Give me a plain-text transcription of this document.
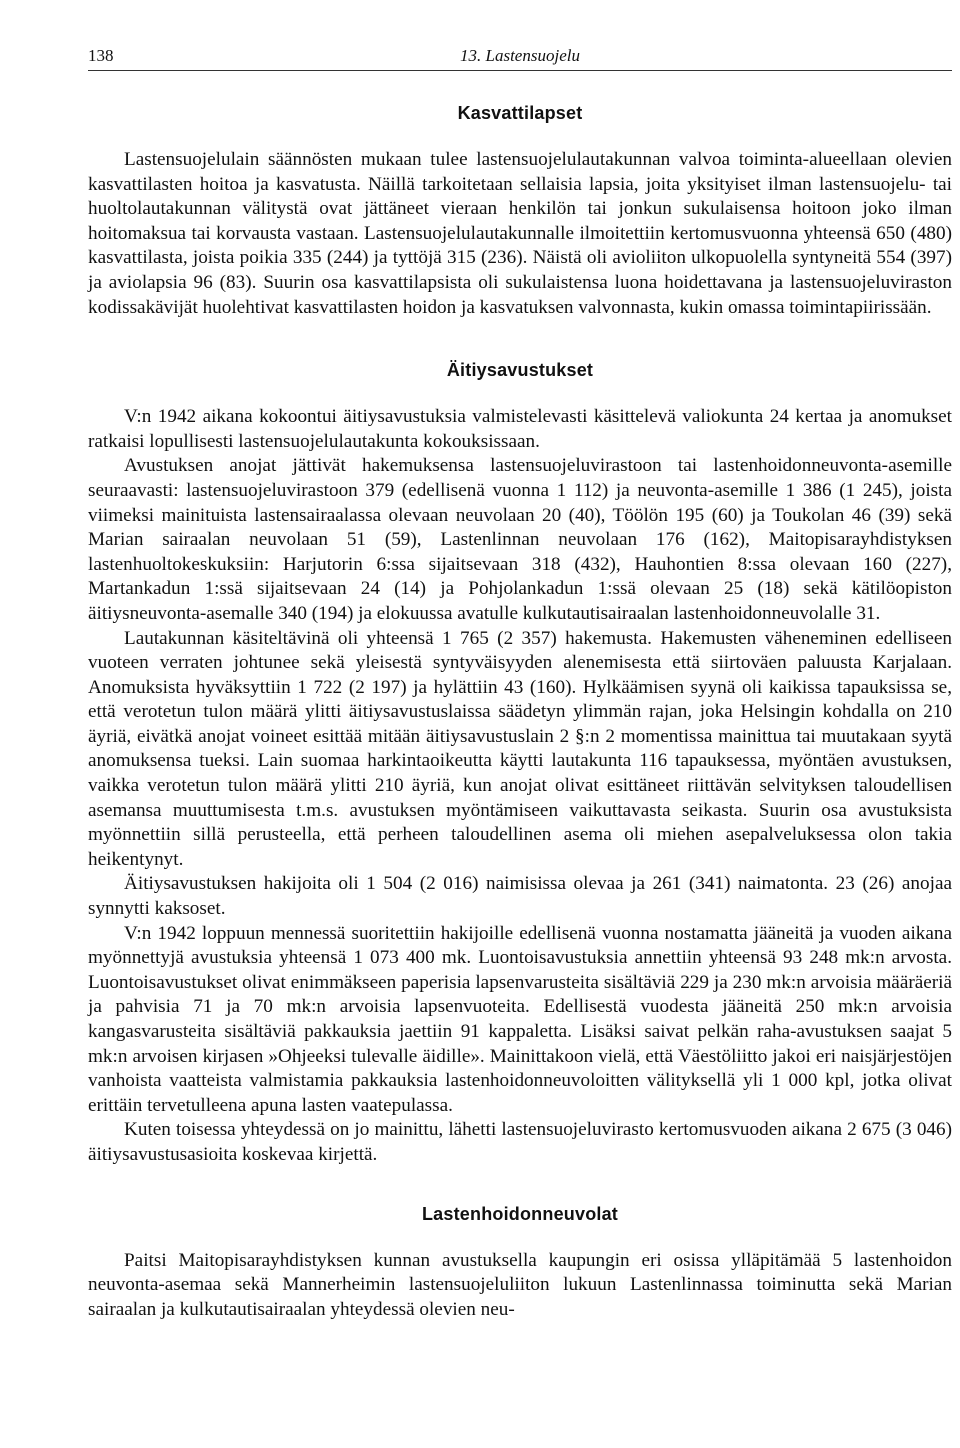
138	13. Lastensuojelu
Kasvattilapset

Lastensuojelulain säännösten mukaan tulee lastensuojelulautakunnan valvoa toiminta-alueellaan olevien kasvattilasten hoitoa ja kasvatusta. Näillä tarkoitetaan sellaisia lapsia, joita yksityiset ilman lastensuojelu- tai huoltolautakunnan välitystä ovat jättäneet vieraan henkilön tai jonkun sukulaisensa hoitoon joko ilman hoitomaksua tai korvausta vastaan. Lastensuojelulautakunnalle ilmoitettiin kertomusvuonna yhteensä 650 (480) kasvattilasta, joista poikia 335 (244) ja tyttöjä 315 (236). Näistä oli avioliiton ulkopuolella syntyneitä 554 (397) ja aviolapsia 96 (83). Suurin osa kasvattilapsista oli sukulaistensa luona hoidettavana ja lastensuojeluviraston kodissakävijät huolehtivat kasvattilasten hoidon ja kasvatuksen valvonnasta, kukin omassa toimintapiirissään.

Äitiysavustukset

V:n 1942 aikana kokoontui äitiysavustuksia valmistelevasti käsittelevä valiokunta 24 kertaa ja anomukset ratkaisi lopullisesti lastensuojelulautakunta kokouksissaan.

Avustuksen anojat jättivät hakemuksensa lastensuojeluvirastoon tai lastenhoidonneuvonta-asemille seuraavasti: lastensuojeluvirastoon 379 (edellisenä vuonna 1 112) ja neuvonta-asemille 1 386 (1 245), joista viimeksi mainituista lastensairaalassa olevaan neuvolaan 20 (40), Töölön 195 (60) ja Toukolan 46 (39) sekä Marian sairaalan neuvolaan 51 (59), Lastenlinnan neuvolaan 176 (162), Maitopisarayhdistyksen lastenhuoltokeskuksiin: Harjutorin 6:ssa sijaitsevaan 318 (432), Hauhontien 8:ssa olevaan 160 (227), Martankadun 1:ssä sijaitsevaan 24 (14) ja Pohjolankadun 1:ssä olevaan 25 (18) sekä kätilöopiston äitiysneuvonta-asemalle 340 (194) ja elokuussa avatulle kulkutautisairaalan lastenhoidonneuvolalle 31.

Lautakunnan käsiteltävinä oli yhteensä 1 765 (2 357) hakemusta. Hakemusten väheneminen edelliseen vuoteen verraten johtunee sekä yleisestä syntyväisyyden alenemisesta että siirtoväen paluusta Karjalaan. Anomuksista hyväksyttiin 1 722 (2 197) ja hylättiin 43 (160). Hylkäämisen syynä oli kaikissa tapauksissa se, että verotetun tulon määrä ylitti äitiysavustuslaissa säädetyn ylimmän rajan, joka Helsingin kohdalla on 210 äyriä, eivätkä anojat voineet esittää mitään äitiysavustuslain 2 §:n 2 momentissa mainittua tai muutakaan syytä anomuksensa tueksi. Lain suomaa harkintaoikeutta käytti lautakunta 116 tapauksessa, myöntäen avustuksen, vaikka verotetun tulon määrä ylitti 210 äyriä, kun anojat olivat esittäneet riittävän selvityksen taloudellisen asemansa muuttumisesta t.m.s. avustuksen myöntämiseen vaikuttavasta seikasta. Suurin osa avustuksista myönnettiin sillä perusteella, että perheen taloudellinen asema oli miehen asepalveluksessa olon takia heikentynyt.

Äitiysavustuksen hakijoita oli 1 504 (2 016) naimisissa olevaa ja 261 (341) naimatonta. 23 (26) anojaa synnytti kaksoset.

V:n 1942 loppuun mennessä suoritettiin hakijoille edellisenä vuonna nostamatta jääneitä ja vuoden aikana myönnettyjä avustuksia yhteensä 1 073 400 mk. Luontoisavustuksia annettiin yhteensä 93 248 mk:n arvosta. Luontoisavustukset olivat enimmäkseen paperisia lapsenvarusteita sisältäviä 229 ja 230 mk:n arvoisia määräeriä ja pahvisia 71 ja 70 mk:n arvoisia lapsenvuoteita. Edellisestä vuodesta jääneitä 250 mk:n arvoisia kangasvarusteita sisältäviä pakkauksia jaettiin 91 kappaletta. Lisäksi saivat pelkän raha-avustuksen saajat 5 mk:n arvoisen kirjasen »Ohjeeksi tulevalle äidille». Mainittakoon vielä, että Väestöliitto jakoi eri naisjärjestöjen vanhoista vaatteista valmistamia pakkauksia lastenhoidonneuvoloitten välityksellä yli 1 000 kpl, jotka olivat erittäin tervetulleena apuna lasten vaatepulassa.

Kuten toisessa yhteydessä on jo mainittu, lähetti lastensuojeluvirasto kertomusvuoden aikana 2 675 (3 046) äitiysavustusasioita koskevaa kirjettä.

Lastenhoidonneuvolat

Paitsi Maitopisarayhdistyksen kunnan avustuksella kaupungin eri osissa ylläpitämää 5 lastenhoidon neuvonta-asemaa sekä Mannerheimin lastensuojeluliiton lukuun Lastenlinnassa toiminutta sekä Marian sairaalan ja kulkutautisairaalan yhteydessä olevien neu-
